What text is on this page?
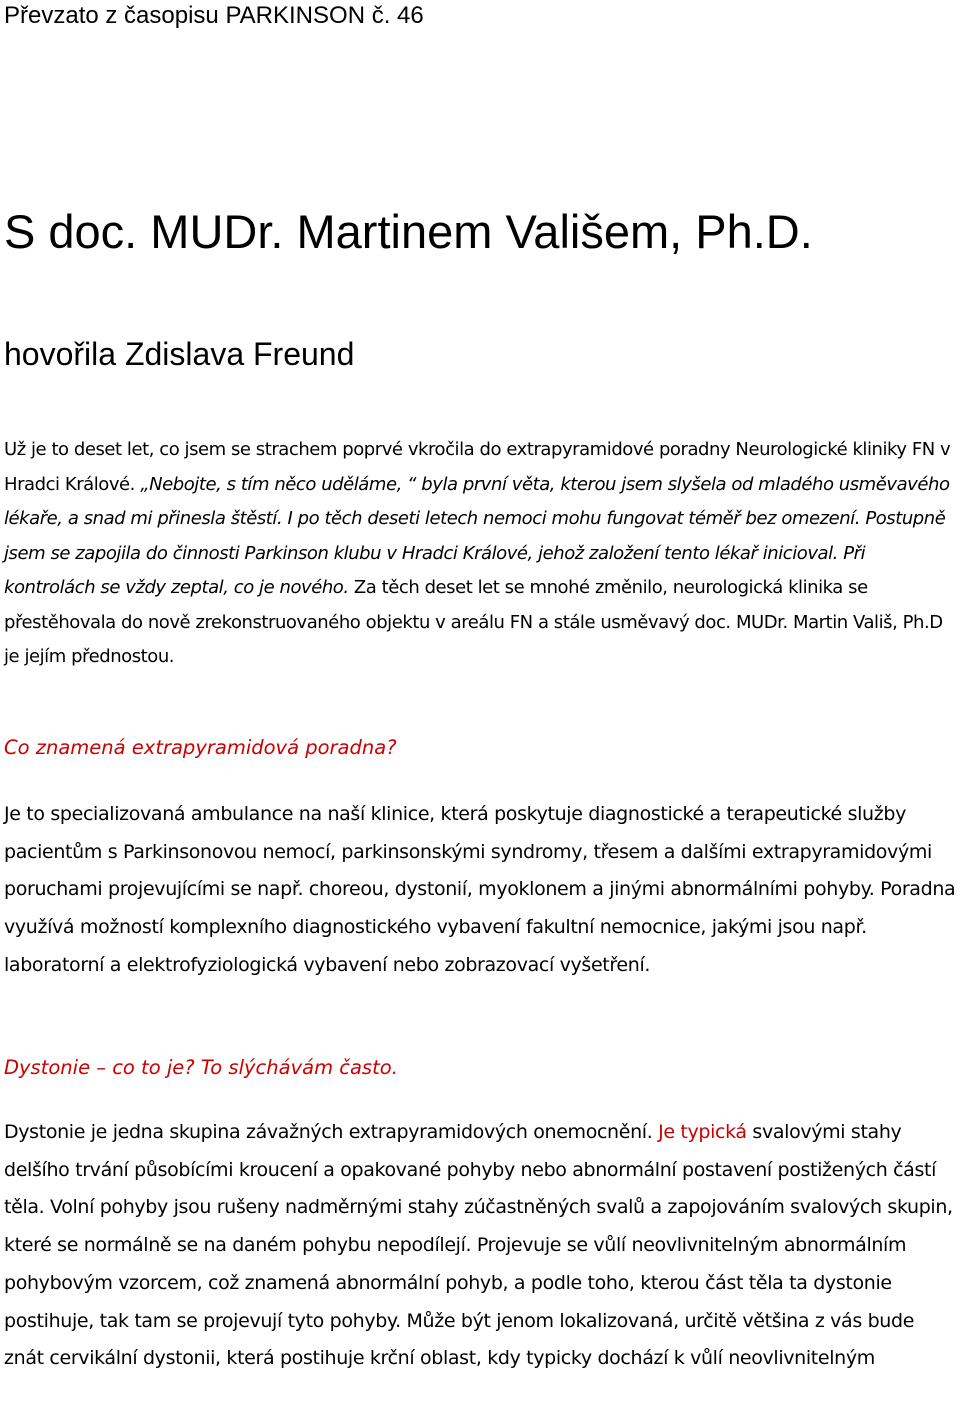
Převzato z časopisu PARKINSON č. 46
S doc. MUDr. Martinem Vališem, Ph.D.
hovořila Zdislava Freund

Už je to deset let, co jsem se strachem poprvé vkročila do extrapyramidové poradny Neurologické kliniky FN v Hradci Králové. „Nebojte, s tím něco uděláme, “ byla první věta, kterou jsem slyšela od mladého usměvavého lékaře, a snad mi přinesla štěstí. I po těch deseti letech nemoci mohu fungovat téměř bez omezení. Postupně jsem se zapojila do činnosti Parkinson klubu v Hradci Králové, jehož založení tento lékař inicioval. Při kontrolách se vždy zeptal, co je nového. Za těch deset let se mnohé změnilo, neurologická klinika se přestěhovala do nově zrekonstruovaného objektu v areálu FN a stále usměvavý doc. MUDr. Martin Vališ, Ph.D je jejím přednostou.

Co znamená extrapyramidová poradna?

Je to specializovaná ambulance na naší klinice, která poskytuje diagnostické a terapeutické služby pacientům s Parkinsonovou nemocí, parkinsonskými syndromy, třesem a dalšími extrapyramidovými poruchami projevujícími se např. choreou, dystonií, myoklonem a jinými abnormálními pohyby. Poradna využívá možností komplexního diagnostického vybavení fakultní nemocnice, jakými jsou např. laboratorní a elektrofyziologická vybavení nebo zobrazovací vyšetření.

Dystonie – co to je? To slýchávám často.

Dystonie je jedna skupina závažných extrapyramidových onemocnění. Je typická svalovými stahy delšího trvání působícími kroucení a opakované pohyby nebo abnormální postavení postižených částí těla. Volní pohyby jsou rušeny nadměrnými stahy zúčastněných svalů a zapojováním svalových skupin, které se normálně se na daném pohybu nepodílejí. Projevuje se vůlí neovlivnitelným abnormálním pohybovým vzorcem, což znamená abnormální pohyb, a podle toho, kterou část těla ta dystonie postihuje, tak tam se projevují tyto pohyby. Může být jenom lokalizovaná, určitě většina z vás bude znát cervikální dystonii, která postihuje krční oblast, kdy typicky dochází k vůlí neovlivnitelným
